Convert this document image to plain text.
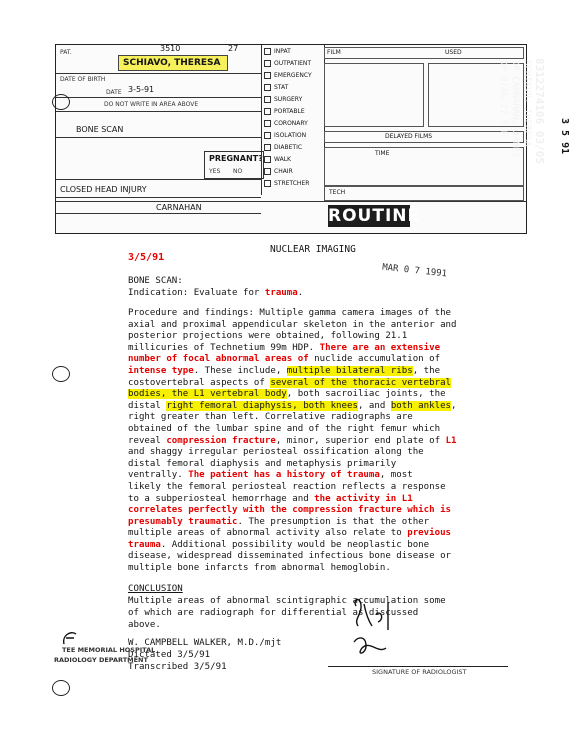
PAT.	3510	27
SCHIAVO, THERESA
DATE OF BIRTH
DATE 3-5-91
DO NOT WRITE IN AREA ABOVE
BONE SCAN
PREGNANT?
YES NO
CLOSED HEAD INJURY
CARNAHAN
FILM	USED
DELAYED FILMS
TIME
TECH
ROUTINE
INPAT
OUTPATIENT
EMERGENCY
STAT
SURGERY
PORTABLE
CORONARY
ISOLATION
DIABETIC
WALK
CHAIR
STRETCHER
8312274106 03/05
SCHIAVO, THERESA
DR CARNAHAN, JAMES
DP DIAG 27 Y F
3 5 91
NUCLEAR IMAGING
3/5/91
MAR 0 7 1991
BONE SCAN:
Indication: Evaluate for trauma.
Procedure and findings: Multiple gamma camera images of the
axial and proximal appendicular skeleton in the anterior and
posterior projections were obtained, following 21.1
millicuries of Technetium 99m HDP. There are an extensive
number of focal abnormal areas of nuclide accumulation of
intense type. These include, multiple bilateral ribs, the
costovertebral aspects of several of the thoracic vertebral
bodies, the L1 vertebral body, both sacroiliac joints, the
distal right femoral diaphysis, both knees, and both ankles,
right greater than left. Correlative radiographs are
obtained of the lumbar spine and of the right femur which
reveal compression fracture, minor, superior end plate of L1
and shaggy irregular periosteal ossification along the
distal femoral diaphysis and metaphysis primarily
ventrally. The patient has a history of trauma, most
likely the femoral periosteal reaction reflects a response
to a subperiosteal hemorrhage and the activity in L1
correlates perfectly with the compression fracture which is
presumably traumatic. The presumption is that the other
multiple areas of abnormal activity also relate to previous
trauma. Additional possibility would be neoplastic bone
disease, widespread disseminated infectious bone disease or
multiple bone infarcts from abnormal hemoglobin.
CONCLUSION
Multiple areas of abnormal scintigraphic accumulation some
of which are radiograph for differential as discussed
above.
W. CAMPBELL WALKER, M.D./mjt
Dictated 3/5/91
Transcribed 3/5/91	SIGNATURE OF RADIOLOGIST
TEE MEMORIAL HOSPITAL
RADIOLOGY DEPARTMENT
